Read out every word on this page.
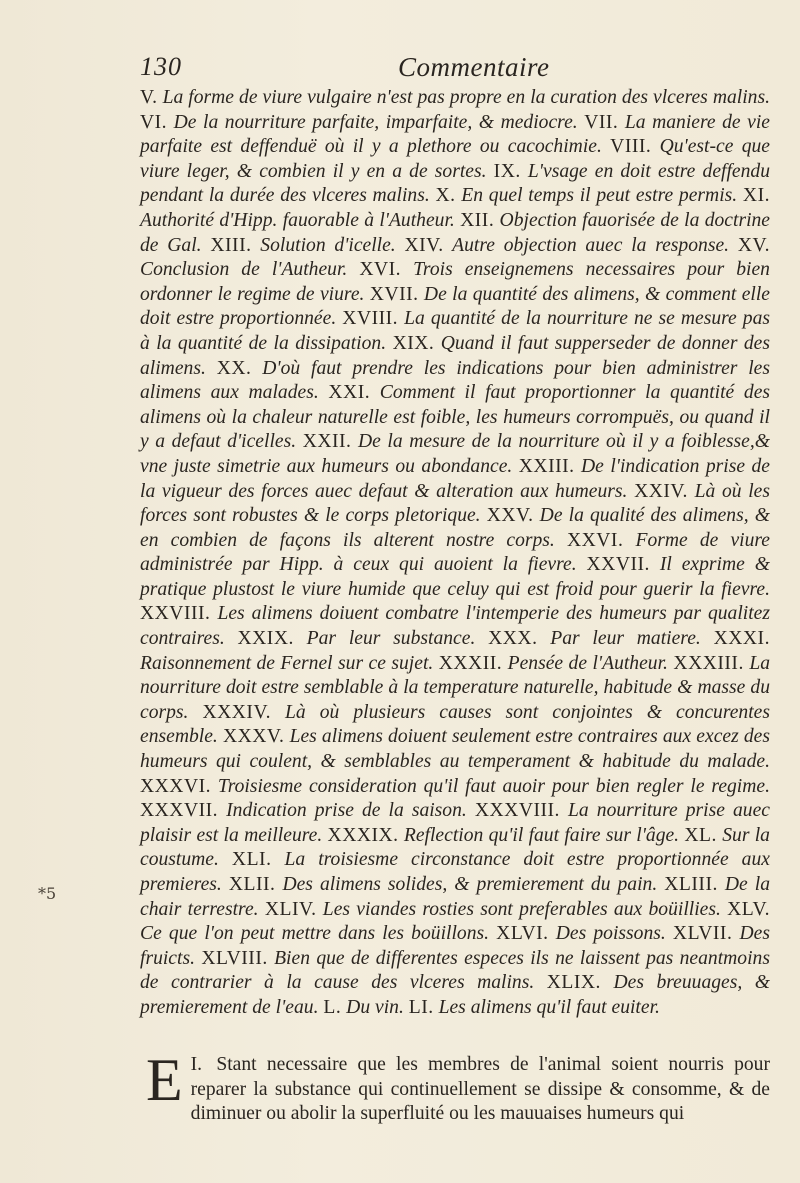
130	Commentaire
*5
V. La forme de viure vulgaire n'est pas propre en la curation des vlceres malins. VI. De la nourriture parfaite, imparfaite, & mediocre. VII. La maniere de vie parfaite est deffenduë où il y a plethore ou cacochimie. VIII. Qu'est-ce que viure leger, & combien il y en a de sortes. IX. L'vsage en doit estre deffendu pendant la durée des vlceres malins. X. En quel temps il peut estre permis. XI. Authorité d'Hipp. fauorable à l'Autheur. XII. Objection fauorisée de la doctrine de Gal. XIII. Solution d'icelle. XIV. Autre objection auec la response. XV. Conclusion de l'Autheur. XVI. Trois enseignemens necessaires pour bien ordonner le regime de viure. XVII. De la quantité des alimens, & comment elle doit estre proportionnée. XVIII. La quantité de la nourriture ne se mesure pas à la quantité de la dissipation. XIX. Quand il faut supperseder de donner des alimens. XX. D'où faut prendre les indications pour bien administrer les alimens aux malades. XXI. Comment il faut proportionner la quantité des alimens où la chaleur naturelle est foible, les humeurs corrompuës, ou quand il y a defaut d'icelles. XXII. De la mesure de la nourriture où il y a foiblesse,& vne juste simetrie aux humeurs ou abondance. XXIII. De l'indication prise de la vigueur des forces auec defaut & alteration aux humeurs. XXIV. Là où les forces sont robustes & le corps pletorique. XXV. De la qualité des alimens, & en combien de façons ils alterent nostre corps. XXVI. Forme de viure administrée par Hipp. à ceux qui auoient la fievre. XXVII. Il exprime & pratique plustost le viure humide que celuy qui est froid pour guerir la fievre. XXVIII. Les alimens doiuent combatre l'intemperie des humeurs par qualitez contraires. XXIX. Par leur substance. XXX. Par leur matiere. XXXI. Raisonnement de Fernel sur ce sujet. XXXII. Pensée de l'Autheur. XXXIII. La nourriture doit estre semblable à la temperature naturelle, habitude & masse du corps. XXXIV. Là où plusieurs causes sont conjointes & concurentes ensemble. XXXV. Les alimens doiuent seulement estre contraires aux excez des humeurs qui coulent, & semblables au temperament & habitude du malade. XXXVI. Troisiesme consideration qu'il faut auoir pour bien regler le regime. XXXVII. Indication prise de la saison. XXXVIII. La nourriture prise auec plaisir est la meilleure. XXXIX. Reflection qu'il faut faire sur l'âge. XL. Sur la coustume. XLI. La troisiesme circonstance doit estre proportionnée aux premieres. XLII. Des alimens solides, & premierement du pain. XLIII. De la chair terrestre. XLIV. Les viandes rosties sont preferables aux boüillies. XLV. Ce que l'on peut mettre dans les boüillons. XLVI. Des poissons. XLVII. Des fruicts. XLVIII. Bien que de differentes especes ils ne laissent pas neantmoins de contrarier à la cause des vlceres malins. XLIX. Des breuuages, & premierement de l'eau. L. Du vin. LI. Les alimens qu'il faut euiter.
I.
E Stant necessaire que les membres de l'animal soient nourris pour reparer la substance qui continuellement se dissipe & consomme, & de diminuer ou abolir la superfluité ou les mauuaises humeurs qui
